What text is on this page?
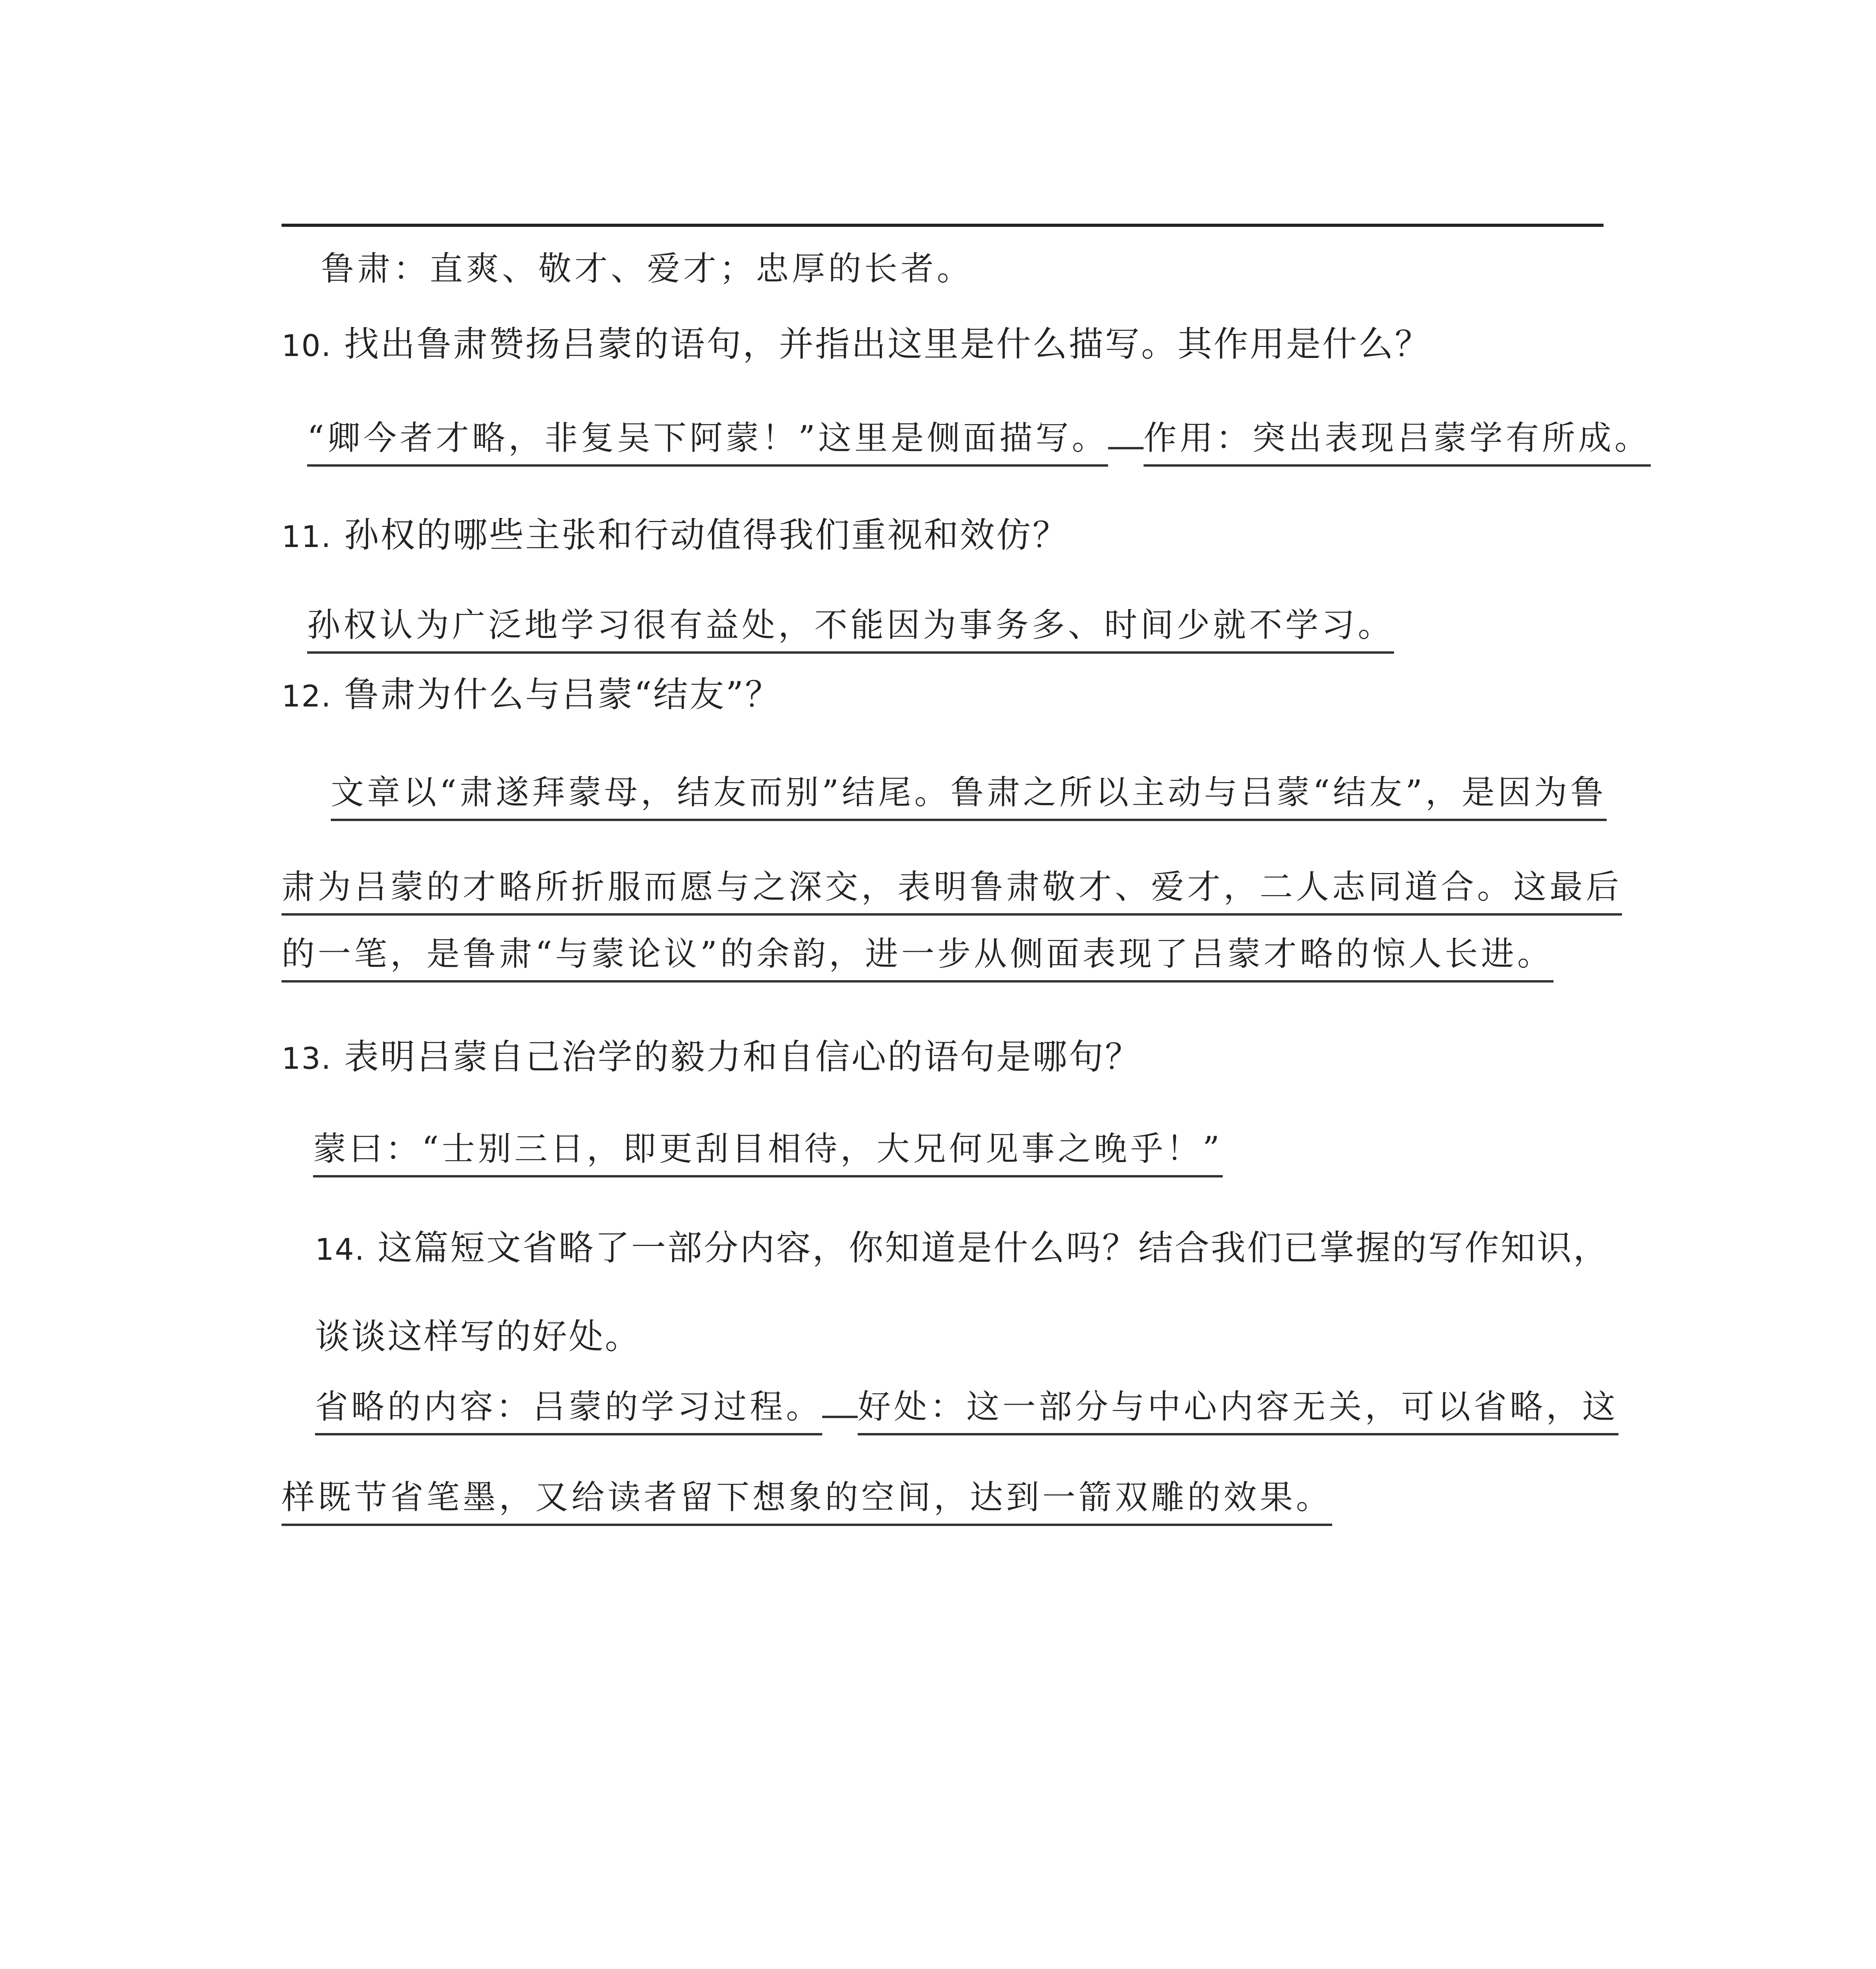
鲁肃：直爽、敬才、爱才；忠厚的长者。
10. 找出鲁肃赞扬吕蒙的语句，并指出这里是什么描写。其作用是什么？
“卿今者才略，非复吴下阿蒙！”这里是侧面描写。 作用：突出表现吕蒙学有所成。
11. 孙权的哪些主张和行动值得我们重视和效仿？
孙权认为广泛地学习很有益处，不能因为事务多、时间少就不学习。
12. 鲁肃为什么与吕蒙“结友”？
文章以“肃遂拜蒙母，结友而别”结尾。鲁肃之所以主动与吕蒙“结友”，是因为鲁
肃为吕蒙的才略所折服而愿与之深交，表明鲁肃敬才、爱才，二人志同道合。这最后
的一笔，是鲁肃“与蒙论议”的余韵，进一步从侧面表现了吕蒙才略的惊人长进。
13. 表明吕蒙自己治学的毅力和自信心的语句是哪句？
蒙曰：“士别三日，即更刮目相待，大兄何见事之晚乎！”
14. 这篇短文省略了一部分内容，你知道是什么吗？结合我们已掌握的写作知识，
谈谈这样写的好处。
省略的内容：吕蒙的学习过程。 好处：这一部分与中心内容无关，可以省略，这
样既节省笔墨，又给读者留下想象的空间，达到一箭双雕的效果。
